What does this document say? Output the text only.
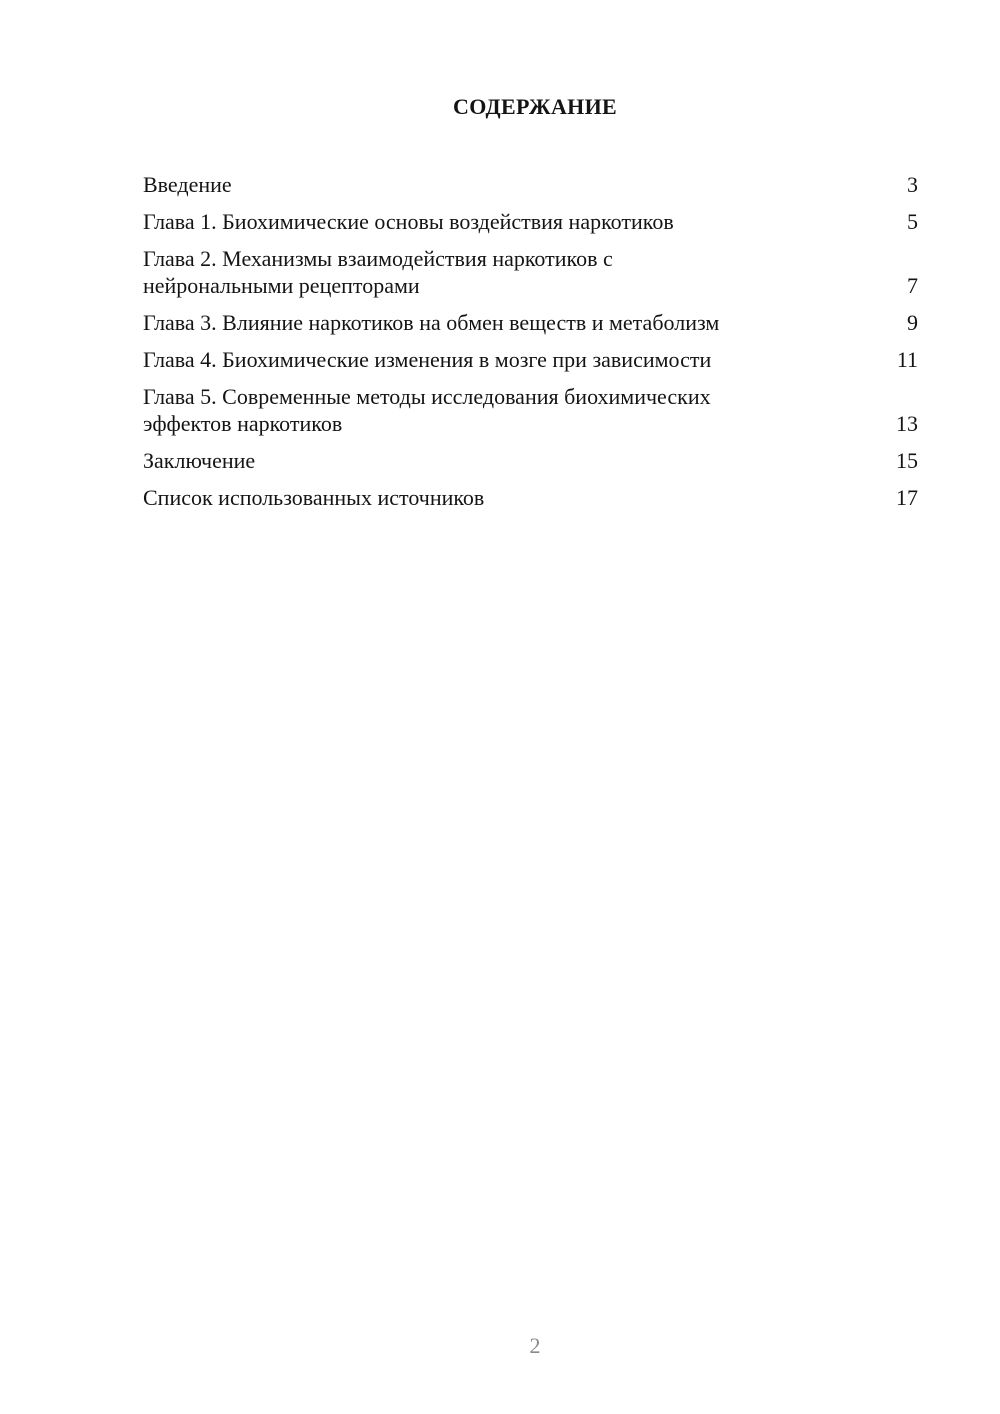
СОДЕРЖАНИЕ
Введение	3
Глава 1. Биохимические основы воздействия наркотиков	5
Глава 2. Механизмы взаимодействия наркотиков с нейрональными рецепторами	7
Глава 3. Влияние наркотиков на обмен веществ и метаболизм	9
Глава 4. Биохимические изменения в мозге при зависимости	11
Глава 5. Современные методы исследования биохимических эффектов наркотиков	13
Заключение	15
Список использованных источников	17
2
